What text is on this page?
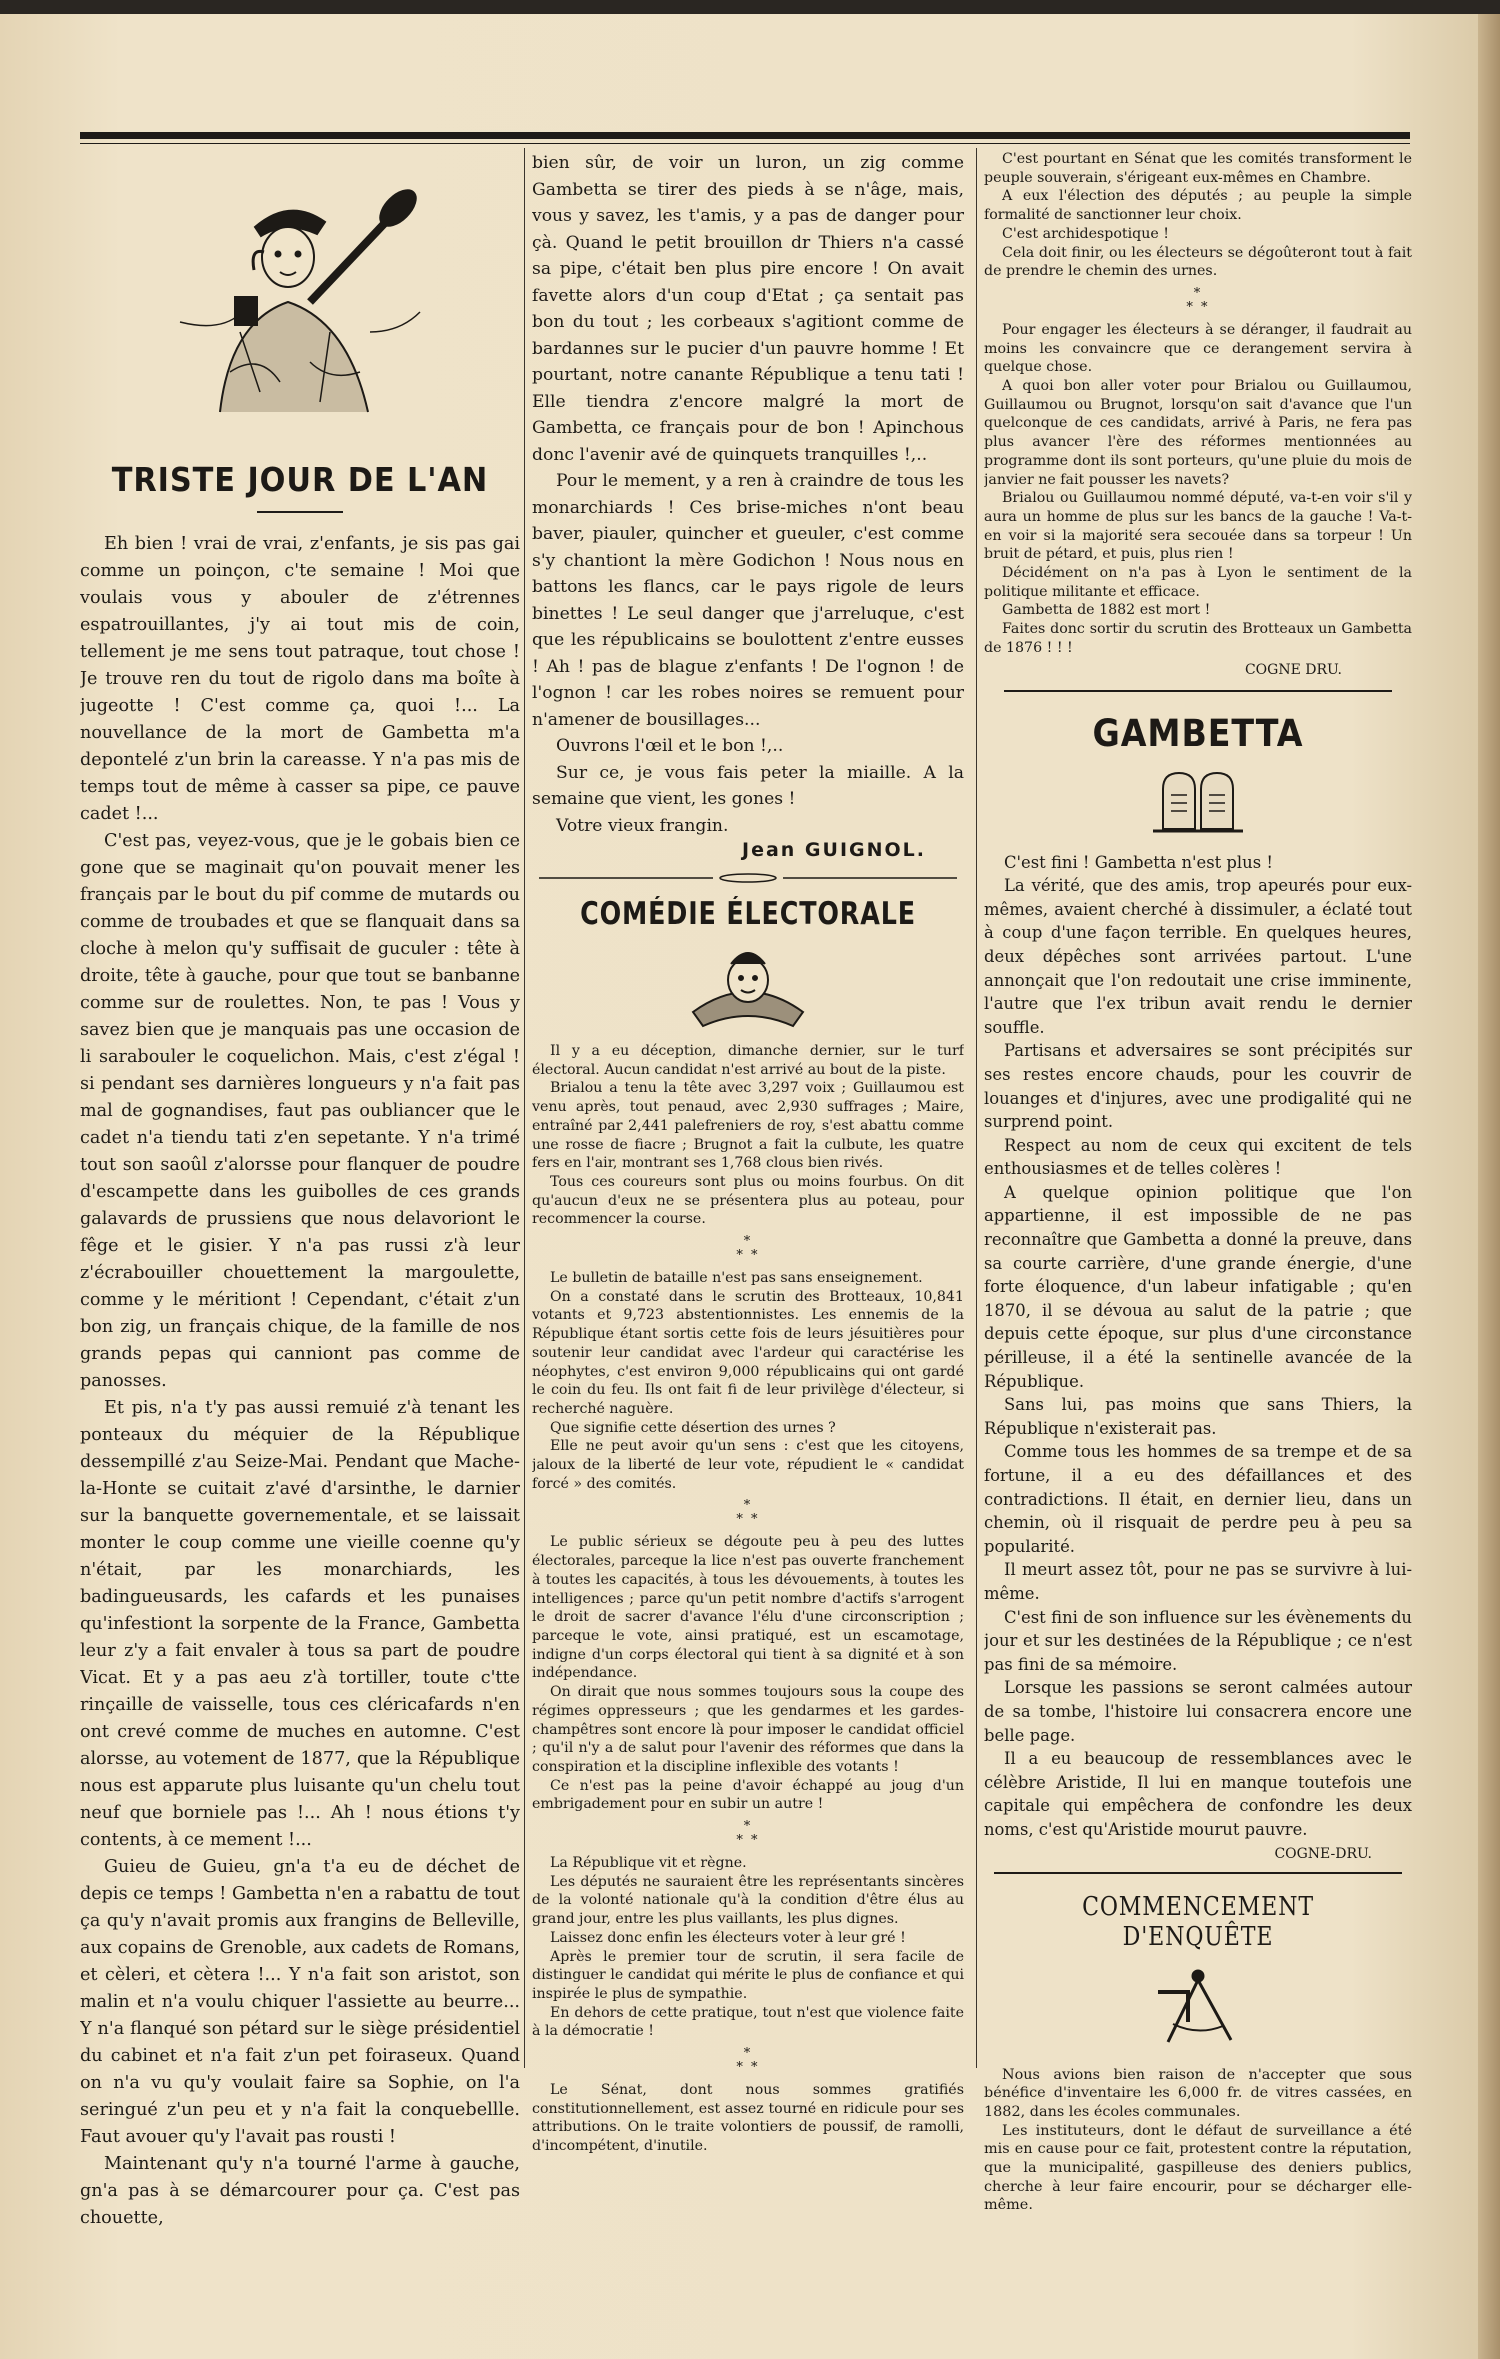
TRISTE JOUR DE L'AN

Eh bien ! vrai de vrai, z'enfants, je sis pas gai comme un poinçon, c'te semaine ! Moi que voulais vous y abouler de z'étrennes espatrouillantes, j'y ai tout mis de coin, tellement je me sens tout patraque, tout chose ! Je trouve ren du tout de rigolo dans ma boîte à jugeotte ! C'est comme ça, quoi !... La nouvellance de la mort de Gambetta m'a depontelé z'un brin la careasse. Y n'a pas mis de temps tout de même à casser sa pipe, ce pauve cadet !...

C'est pas, veyez-vous, que je le gobais bien ce gone que se maginait qu'on pouvait mener les français par le bout du pif comme de mutards ou comme de troubades et que se flanquait dans sa cloche à melon qu'y suffisait de guculer : tête à droite, tête à gauche, pour que tout se banbanne comme sur de roulettes. Non, te pas ! Vous y savez bien que je manquais pas une occasion de li sarabouler le coquelichon. Mais, c'est z'égal ! si pendant ses darnières longueurs y n'a fait pas mal de gognandises, faut pas oubliancer que le cadet n'a tiendu tati z'en sepetante. Y n'a trimé tout son saoûl z'alorsse pour flanquer de poudre d'escampette dans les guibolles de ces grands galavards de prussiens que nous delavoriont le fêge et le gisier. Y n'a pas russi z'à leur z'écrabouiller chouettement la margoulette, comme y le méritiont ! Cependant, c'était z'un bon zig, un français chique, de la famille de nos grands pepas qui canniont pas comme de panosses.

Et pis, n'a t'y pas aussi remuié z'à tenant les ponteaux du méquier de la République dessempillé z'au Seize-Mai. Pendant que Mache-la-Honte se cuitait z'avé d'arsinthe, le darnier sur la banquette governementale, et se laissait monter le coup comme une vieille coenne qu'y n'était, par les monarchiards, les badingueusards, les cafards et les punaises qu'infestiont la sorpente de la France, Gambetta leur z'y a fait envaler à tous sa part de poudre Vicat. Et y a pas aeu z'à tortiller, toute c'tte rinçaille de vaisselle, tous ces cléricafards n'en ont crevé comme de muches en automne. C'est alorsse, au votement de 1877, que la République nous est apparute plus luisante qu'un chelu tout neuf que borniele pas !... Ah ! nous étions t'y contents, à ce mement !...

Guieu de Guieu, gn'a t'a eu de déchet de depis ce temps ! Gambetta n'en a rabattu de tout ça qu'y n'avait promis aux frangins de Belleville, aux copains de Grenoble, aux cadets de Romans, et cèleri, et cètera !... Y n'a fait son aristot, son malin et n'a voulu chiquer l'assiette au beurre... Y n'a flanqué son pétard sur le siège présidentiel du cabinet et n'a fait z'un pet foiraseux. Quand on n'a vu qu'y voulait faire sa Sophie, on l'a seringué z'un peu et y n'a fait la conquebellle. Faut avouer qu'y l'avait pas rousti !

Maintenant qu'y n'a tourné l'arme à gauche, gn'a pas à se démarcourer pour ça. C'est pas chouette,

bien sûr, de voir un luron, un zig comme Gambetta se tirer des pieds à se n'âge, mais, vous y savez, les t'amis, y a pas de danger pour çà. Quand le petit brouillon dr Thiers n'a cassé sa pipe, c'était ben plus pire encore ! On avait favette alors d'un coup d'Etat ; ça sentait pas bon du tout ; les corbeaux s'agitiont comme de bardannes sur le pucier d'un pauvre homme ! Et pourtant, notre canante République a tenu tati ! Elle tiendra z'encore malgré la mort de Gambetta, ce français pour de bon ! Apinchous donc l'avenir avé de quinquets tranquilles !,..

Pour le mement, y a ren à craindre de tous les monarchiards ! Ces brise-miches n'ont beau baver, piauler, quincher et gueuler, c'est comme s'y chantiont la mère Godichon ! Nous nous en battons les flancs, car le pays rigole de leurs binettes ! Le seul danger que j'arreluque, c'est que les républicains se boulottent z'entre eusses ! Ah ! pas de blague z'enfants ! De l'ognon ! de l'ognon ! car les robes noires se remuent pour n'amener de bousillages...

Ouvrons l'œil et le bon !,..

Sur ce, je vous fais peter la miaille. A la semaine que vient, les gones !

Votre vieux frangin.

Jean GUIGNOL.

COMÉDIE ÉLECTORALE

Il y a eu déception, dimanche dernier, sur le turf électoral. Aucun candidat n'est arrivé au bout de la piste.

Brialou a tenu la tête avec 3,297 voix ; Guillaumou est venu après, tout penaud, avec 2,930 suffrages ; Maire, entraîné par 2,441 palefreniers de roy, s'est abattu comme une rosse de fiacre ; Brugnot a fait la culbute, les quatre fers en l'air, montrant ses 1,768 clous bien rivés.

Tous ces coureurs sont plus ou moins fourbus. On dit qu'aucun d'eux ne se présentera plus au poteau, pour recommencer la course.

*
* *

Le bulletin de bataille n'est pas sans enseignement.

On a constaté dans le scrutin des Brotteaux, 10,841 votants et 9,723 abstentionnistes. Les ennemis de la République étant sortis cette fois de leurs jésuitières pour soutenir leur candidat avec l'ardeur qui caractérise les néophytes, c'est environ 9,000 républicains qui ont gardé le coin du feu. Ils ont fait fi de leur privilège d'électeur, si recherché naguère.

Que signifie cette désertion des urnes ?

Elle ne peut avoir qu'un sens : c'est que les citoyens, jaloux de la liberté de leur vote, répudient le « candidat forcé » des comités.

*
* *

Le public sérieux se dégoute peu à peu des luttes électorales, parceque la lice n'est pas ouverte franchement à toutes les capacités, à tous les dévouements, à toutes les intelligences ; parce qu'un petit nombre d'actifs s'arrogent le droit de sacrer d'avance l'élu d'une circonscription ; parceque le vote, ainsi pratiqué, est un escamotage, indigne d'un corps électoral qui tient à sa dignité et à son indépendance.

On dirait que nous sommes toujours sous la coupe des régimes oppresseurs ; que les gendarmes et les gardes-champêtres sont encore là pour imposer le candidat officiel ; qu'il n'y a de salut pour l'avenir des réformes que dans la conspiration et la discipline inflexible des votants !

Ce n'est pas la peine d'avoir échappé au joug d'un embrigadement pour en subir un autre !

*
* *

La République vit et règne.

Les députés ne sauraient être les représentants sincères de la volonté nationale qu'à la condition d'être élus au grand jour, entre les plus vaillants, les plus dignes.

Laissez donc enfin les électeurs voter à leur gré !

Après le premier tour de scrutin, il sera facile de distinguer le candidat qui mérite le plus de confiance et qui inspirée le plus de sympathie.

En dehors de cette pratique, tout n'est que violence faite à la démocratie !

*
* *

Le Sénat, dont nous sommes gratifiés constitutionnellement, est assez tourné en ridicule pour ses attributions. On le traite volontiers de poussif, de ramolli, d'incompétent, d'inutile.

C'est pourtant en Sénat que les comités transforment le peuple souverain, s'érigeant eux-mêmes en Chambre.

A eux l'élection des députés ; au peuple la simple formalité de sanctionner leur choix.

C'est archidespotique !

Cela doit finir, ou les électeurs se dégoûteront tout à fait de prendre le chemin des urnes.

*
* *

Pour engager les électeurs à se déranger, il faudrait au moins les convaincre que ce derangement servira à quelque chose.

A quoi bon aller voter pour Brialou ou Guillaumou, Guillaumou ou Brugnot, lorsqu'on sait d'avance que l'un quelconque de ces candidats, arrivé à Paris, ne fera pas plus avancer l'ère des réformes mentionnées au programme dont ils sont porteurs, qu'une pluie du mois de janvier ne fait pousser les navets?

Brialou ou Guillaumou nommé député, va-t-en voir s'il y aura un homme de plus sur les bancs de la gauche ! Va-t-en voir si la majorité sera secouée dans sa torpeur ! Un bruit de pétard, et puis, plus rien !

Décidément on n'a pas à Lyon le sentiment de la politique militante et efficace.

Gambetta de 1882 est mort !

Faites donc sortir du scrutin des Brotteaux un Gambetta de 1876 ! ! !

COGNE DRU.

GAMBETTA

C'est fini ! Gambetta n'est plus !

La vérité, que des amis, trop apeurés pour eux-mêmes, avaient cherché à dissimuler, a éclaté tout à coup d'une façon terrible. En quelques heures, deux dépêches sont arrivées partout. L'une annonçait que l'on redoutait une crise imminente, l'autre que l'ex tribun avait rendu le dernier souffle.

Partisans et adversaires se sont précipités sur ses restes encore chauds, pour les couvrir de louanges et d'injures, avec une prodigalité qui ne surprend point.

Respect au nom de ceux qui excitent de tels enthousiasmes et de telles colères !

A quelque opinion politique que l'on appartienne, il est impossible de ne pas reconnaître que Gambetta a donné la preuve, dans sa courte carrière, d'une grande énergie, d'une forte éloquence, d'un labeur infatigable ; qu'en 1870, il se dévoua au salut de la patrie ; que depuis cette époque, sur plus d'une circonstance périlleuse, il a été la sentinelle avancée de la République.

Sans lui, pas moins que sans Thiers, la République n'existerait pas.

Comme tous les hommes de sa trempe et de sa fortune, il a eu des défaillances et des contradictions. Il était, en dernier lieu, dans un chemin, où il risquait de perdre peu à peu sa popularité.

Il meurt assez tôt, pour ne pas se survivre à lui-même.

C'est fini de son influence sur les évènements du jour et sur les destinées de la République ; ce n'est pas fini de sa mémoire.

Lorsque les passions se seront calmées autour de sa tombe, l'histoire lui consacrera encore une belle page.

Il a eu beaucoup de ressemblances avec le célèbre Aristide, Il lui en manque toutefois une capitale qui empêchera de confondre les deux noms, c'est qu'Aristide mourut pauvre.

COGNE-DRU.

COMMENCEMENT D'ENQUÊTE

Nous avions bien raison de n'accepter que sous bénéfice d'inventaire les 6,000 fr. de vitres cassées, en 1882, dans les écoles communales.

Les instituteurs, dont le défaut de surveillance a été mis en cause pour ce fait, protestent contre la réputation, que la municipalité, gaspilleuse des deniers publics, cherche à leur faire encourir, pour se décharger elle-même.
